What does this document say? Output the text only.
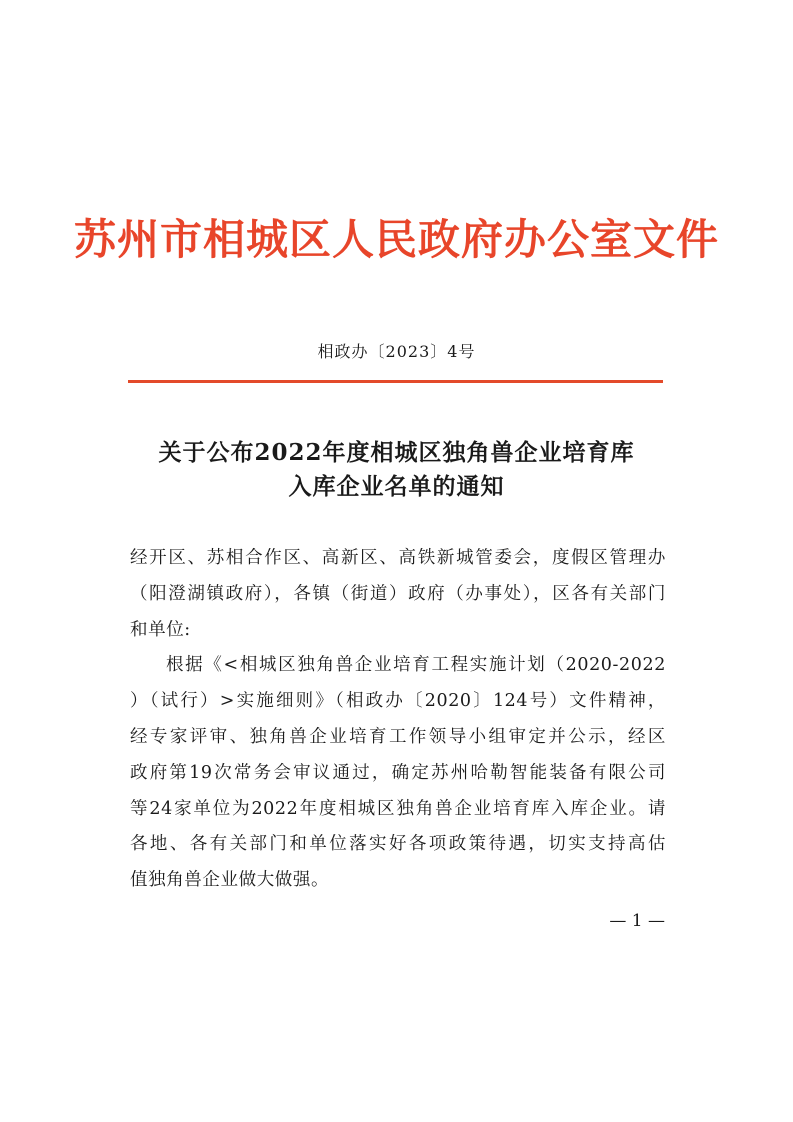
苏州市相城区人民政府办公室文件
相政办〔2023〕4号
关于公布2022年度相城区独角兽企业培育库
入库企业名单的通知
经开区、苏相合作区、高新区、高铁新城管委会，度假区管理办
（阳澄湖镇政府），各镇（街道）政府（办事处），区各有关部门
和单位:
根据《<相城区独角兽企业培育工程实施计划（2020-2022
）（试行）>实施细则》（相政办〔2020〕124号）文件精神，
经专家评审、独角兽企业培育工作领导小组审定并公示，经区
政府第19次常务会审议通过，确定苏州哈勒智能装备有限公司
等24家单位为2022年度相城区独角兽企业培育库入库企业。请
各地、各有关部门和单位落实好各项政策待遇，切实支持高估
值独角兽企业做大做强。
— 1 —
